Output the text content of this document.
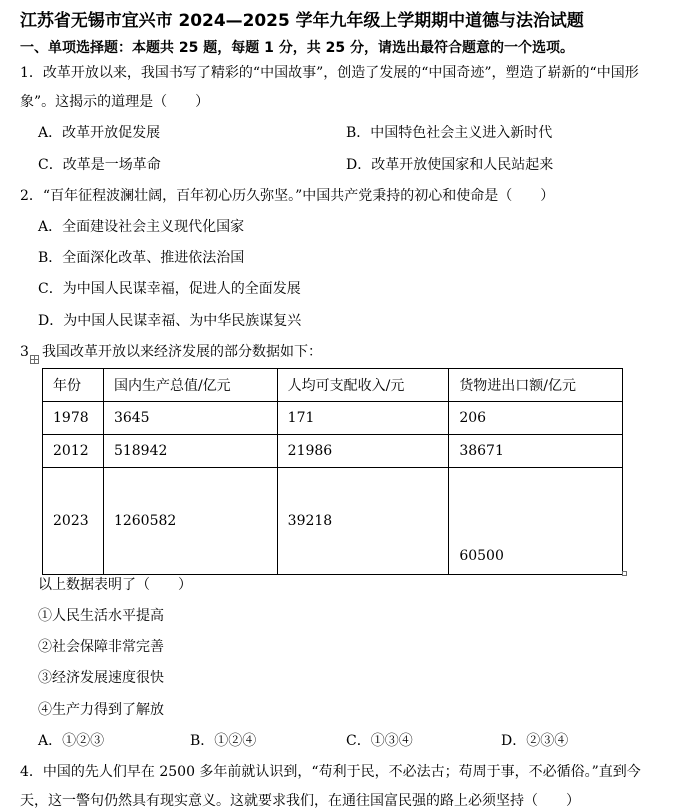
江苏省无锡市宜兴市 2024—2025 学年九年级上学期期中道德与法治试题
一、单项选择题：本题共 25 题，每题 1 分，共 25 分，请选出最符合题意的一个选项。
1．改革开放以来，我国书写了精彩的“中国故事”，创造了发展的“中国奇迹”，塑造了崭新的“中国形
象”。这揭示的道理是（　　）
A．改革开放促发展	B．中国特色社会主义进入新时代
C．改革是一场革命	D．改革开放使国家和人民站起来
2．“百年征程波澜壮阔，百年初心历久弥坚。”中国共产党秉持的初心和使命是（　　）
A．全面建设社会主义现代化国家
B．全面深化改革、推进依法治国
C．为中国人民谋幸福，促进人的全面发展
D．为中国人民谋幸福、为中华民族谋复兴
3 我国改革开放以来经济发展的部分数据如下：
年份	国内生产总值/亿元	人均可支配收入/元	货物进出口额/亿元
1978	3645	171	206
2012	518942	21986	38671
2023	1260582	39218	60500
以上数据表明了（　　）
①人民生活水平提高
②社会保障非常完善
③经济发展速度很快
④生产力得到了解放
A．①②③	B．①②④	C．①③④	D．②③④
4．中国的先人们早在 2500 多年前就认识到，“苟利于民，不必法古；苟周于事，不必循俗。”直到今
天，这一警句仍然具有现实意义。这就要求我们，在通往国富民强的路上必须坚持（　　）
